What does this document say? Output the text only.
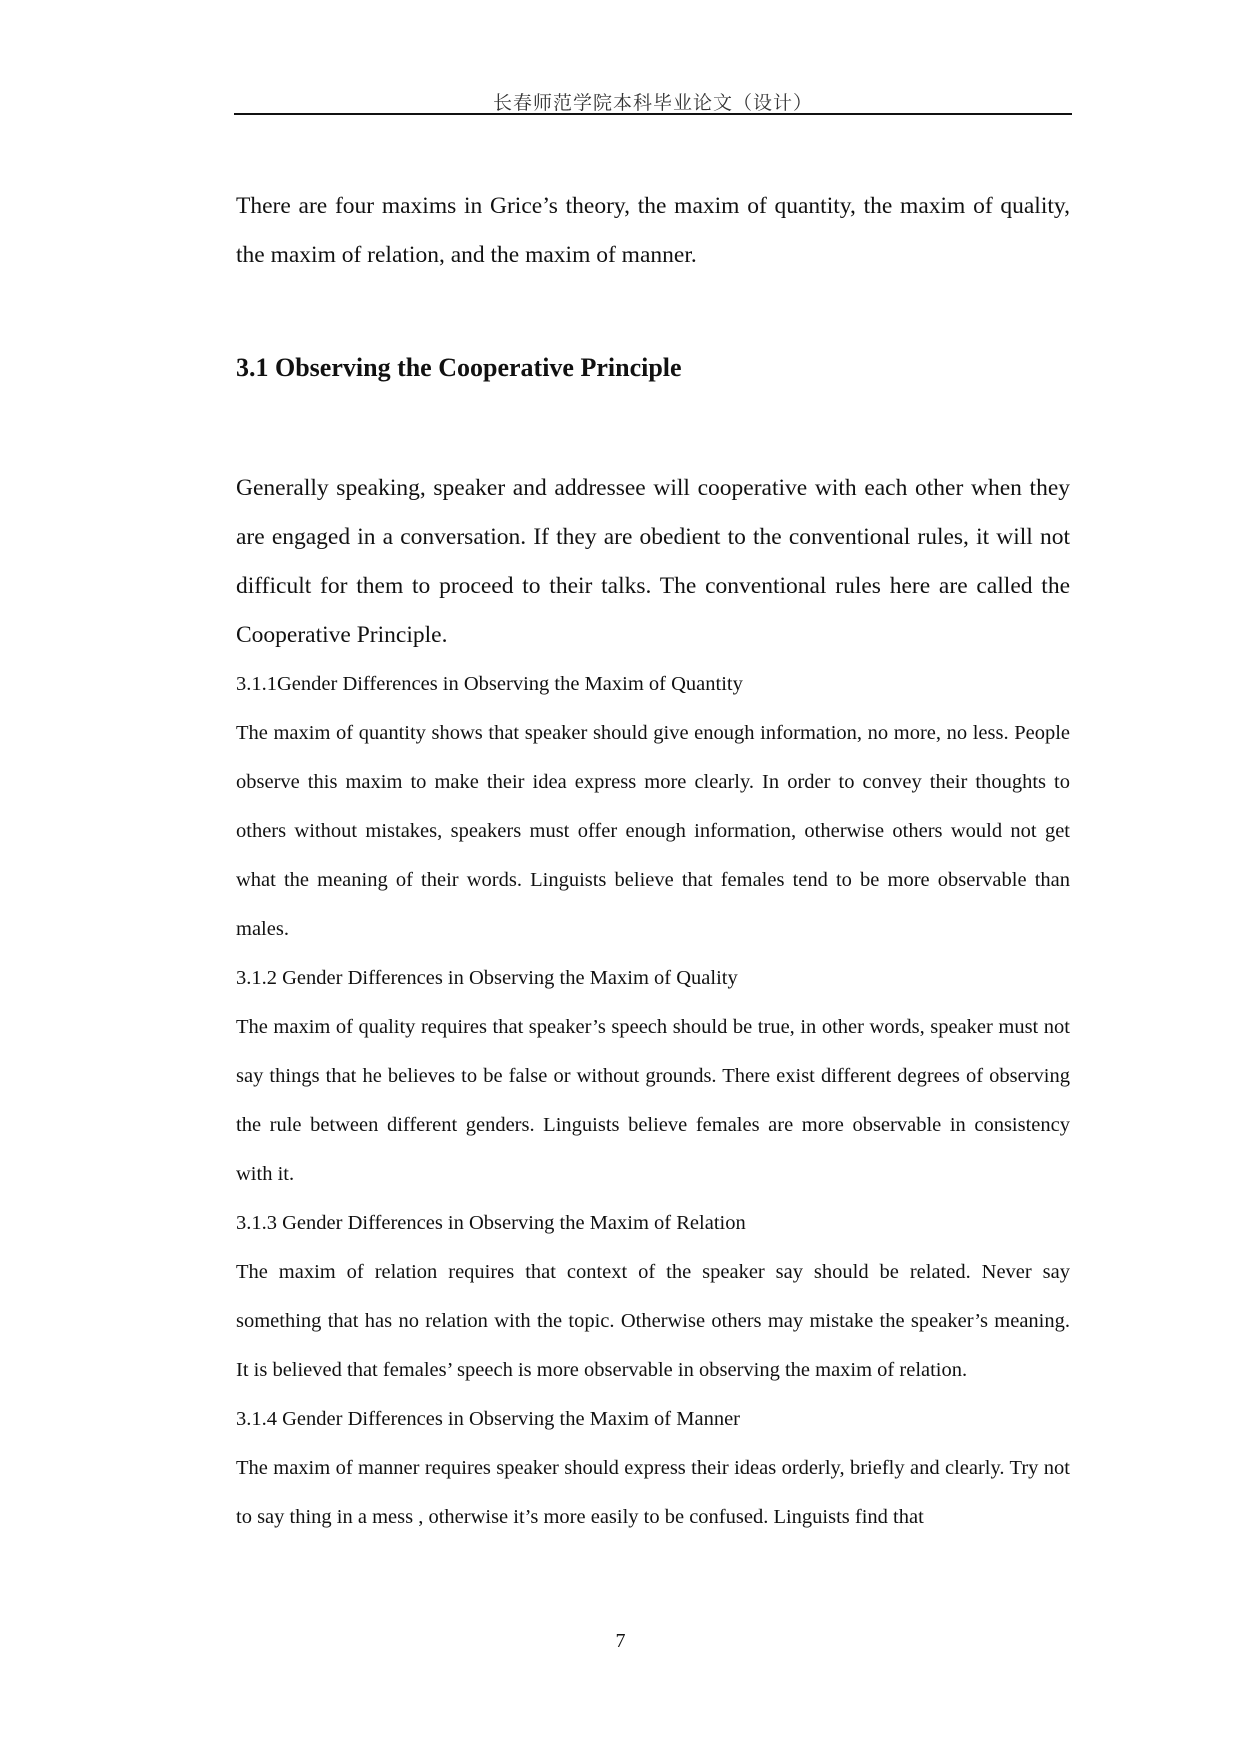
长春师范学院本科毕业论文（设计）

There are four maxims in Grice’s theory, the maxim of quantity, the maxim of quality, the maxim of relation, and the maxim of manner.

3.1 Observing the Cooperative Principle

Generally speaking, speaker and addressee will cooperative with each other when they are engaged in a conversation. If they are obedient to the conventional rules, it will not difficult for them to proceed to their talks. The conventional rules here are called the Cooperative Principle.

3.1.1Gender Differences in Observing the Maxim of Quantity

The maxim of quantity shows that speaker should give enough information, no more, no less. People observe this maxim to make their idea express more clearly. In order to convey their thoughts to others without mistakes, speakers must offer enough information, otherwise others would not get what the meaning of their words. Linguists believe that females tend to be more observable than males.

3.1.2 Gender Differences in Observing the Maxim of Quality

The maxim of quality requires that speaker’s speech should be true, in other words, speaker must not say things that he believes to be false or without grounds. There exist different degrees of observing the rule between different genders. Linguists believe females are more observable in consistency with it.

3.1.3 Gender Differences in Observing the Maxim of Relation

The maxim of relation requires that context of the speaker say should be related. Never say something that has no relation with the topic. Otherwise others may mistake the speaker’s meaning. It is believed that females’ speech is more observable in observing the maxim of relation.

3.1.4 Gender Differences in Observing the Maxim of Manner

The maxim of manner requires speaker should express their ideas orderly, briefly and clearly. Try not to say thing in a mess , otherwise it’s more easily to be confused. Linguists find that

7
